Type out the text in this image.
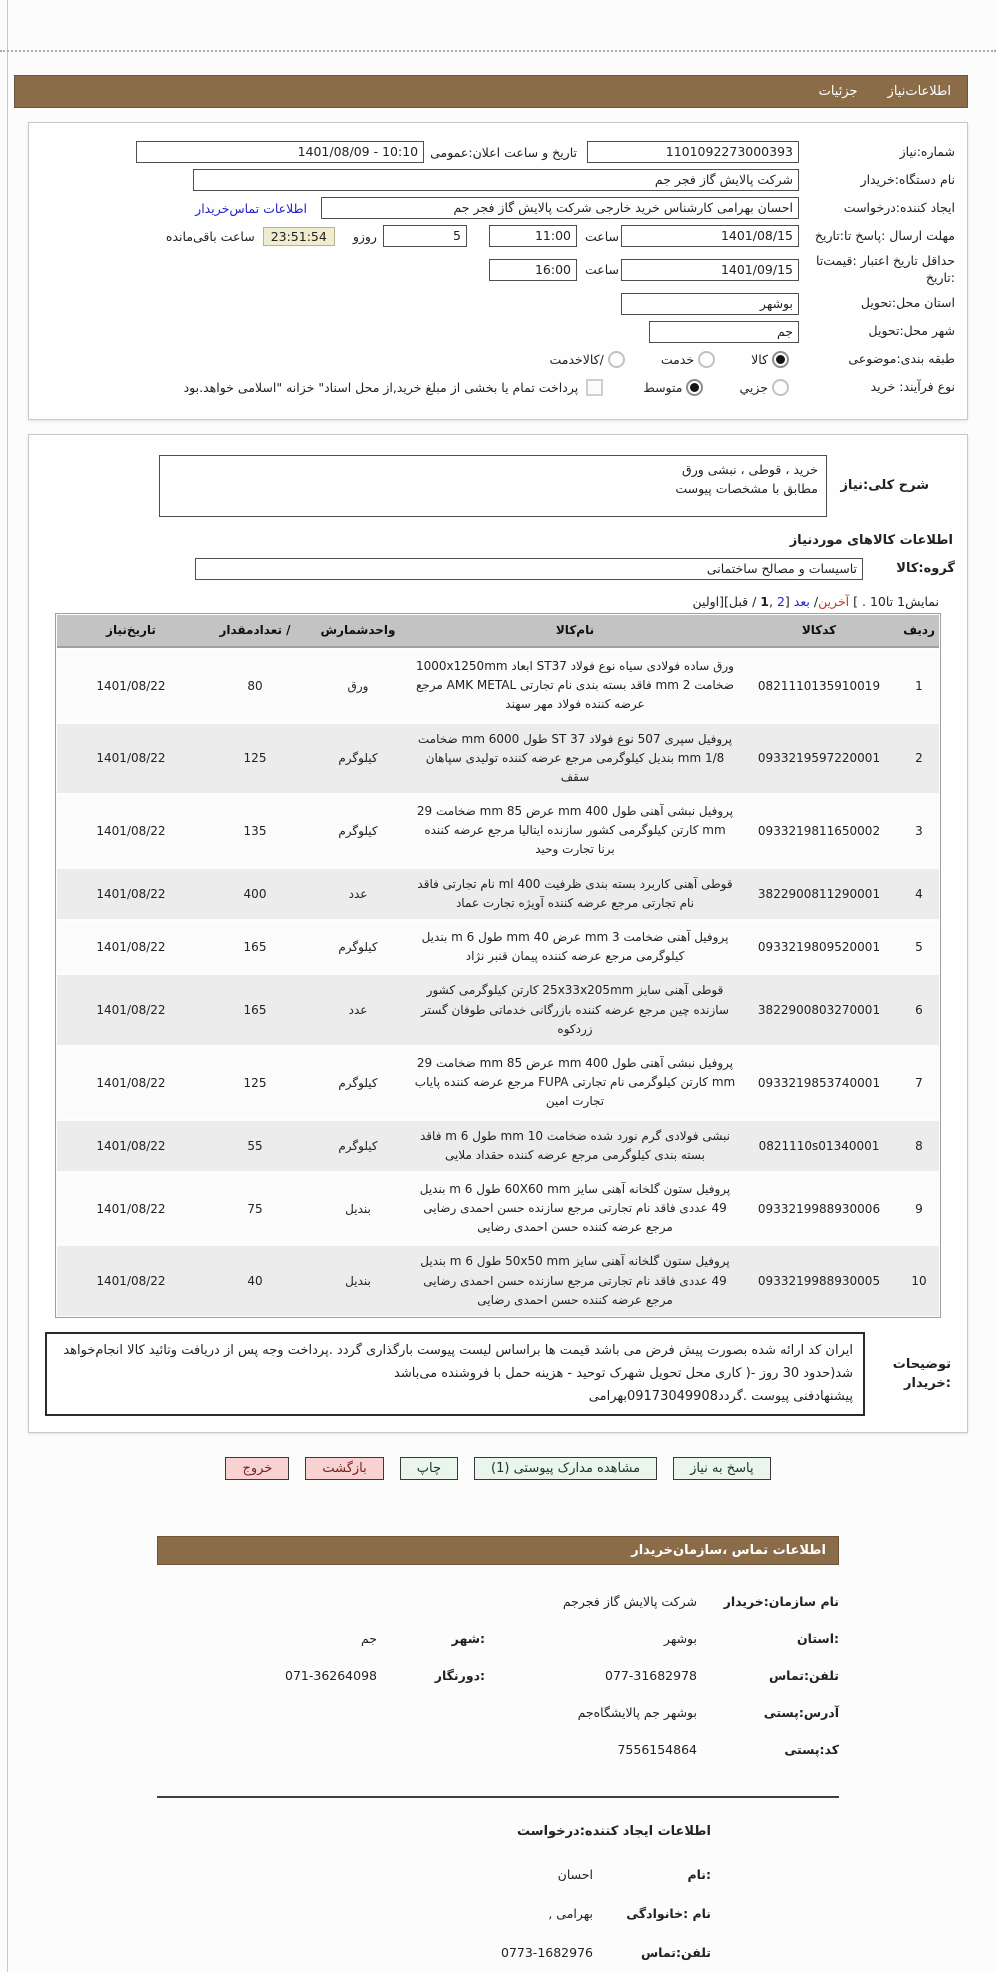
اطلاعات‌نیاز
جزئیات
شماره:نیاز
1101092273000393
تاریخ و ساعت اعلان:عمومی
10:10 - 1401/08/09
نام دستگاه:خریدار
شرکت پالایش گاز فجر جم
ایجاد کننده:درخواست
احسان بهرامی کارشناس خرید خارجی شرکت پالایش گاز فجر جم
اطلاعات تماس‌خریدار
مهلت ارسال :پاسخ تا:تاریخ
1401/08/15
ساعت
11:00
5
روزو
23:51:54
ساعت باقی‌مانده
حداقل تاریخ اعتبار :قیمت‌تا :تاریخ
1401/09/15
ساعت
16:00
استان محل:تحویل
بوشهر
شهر محل:تحویل
جم
طبقه بندی:موضوعی
کالا
خدمت
/کالاخدمت
نوع فرآیند: خرید
جزیي
متوسط
پرداخت تمام یا بخشی از مبلغ خرید,از محل اسناد" خزانه "اسلامی خواهد.بود
شرح کلی:نیاز
خرید ، قوطی ، نبشی ورق
مطابق با مشخصات پیوست
اطلاعات کالاهای موردنیاز
گروه:کالا
تاسیسات و مصالح ساختمانی
نمایش1 تا10 . ] آخرین/ بعد [2 ,1 / قبل][اولین
ردیف
کدکالا
نام‌کالا
واحدشمارش
/ تعدادمقدار
تاریخ‌نیاز
1
0821110135910019
ورق ساده فولادی سیاه نوع فولاد ST37 ابعاد 1000x1250mm ضخامت 2 mm فاقد بسته بندی نام تجارتی AMK METAL مرجع عرضه کننده فولاد مهر سهند
ورق
80
1401/08/22
2
0933219597220001
پروفیل سپری 507 نوع فولاد ST 37 طول 6000 mm ضخامت 1/8 mm بندیل کیلوگرمی مرجع عرضه کننده تولیدی سپاهان سقف
کیلوگرم
125
1401/08/22
3
0933219811650002
پروفیل نبشی آهنی طول 400 mm عرض 85 mm ضخامت 29 mm کارتن کیلوگرمی کشور سازنده ایتالیا مرجع عرضه کننده برنا تجارت وحید
کیلوگرم
135
1401/08/22
4
3822900811290001
قوطی آهنی کاربرد بسته بندی ظرفیت 400 ml نام تجارتی فاقد نام تجارتی مرجع عرضه کننده آویژه تجارت عماد
عدد
400
1401/08/22
5
0933219809520001
پروفیل آهنی ضخامت 3 mm عرض 40 mm طول 6 m بندیل کیلوگرمی مرجع عرضه کننده پیمان قنبر نژاد
کیلوگرم
165
1401/08/22
6
3822900803270001
قوطی آهنی سایز 25x33x205mm کارتن کیلوگرمی کشور سازنده چین مرجع عرضه کننده بازرگانی خدماتی طوفان گستر زردکوه
عدد
165
1401/08/22
7
0933219853740001
پروفیل نبشی آهنی طول 400 mm عرض 85 mm ضخامت 29 mm کارتن کیلوگرمی نام تجارتی FUPA مرجع عرضه کننده پایاب تجارت امین
کیلوگرم
125
1401/08/22
8
0821110s01340001
نبشی فولادی گرم نورد شده ضخامت 10 mm طول 6 m فاقد بسته بندی کیلوگرمی مرجع عرضه کننده حقداد ملایی
کیلوگرم
55
1401/08/22
9
0933219988930006
پروفیل ستون گلخانه آهنی سایز 60X60 mm طول 6 m بندیل 49 عددی فاقد نام تجارتی مرجع سازنده حسن احمدی رضایی مرجع عرضه کننده حسن احمدی رضایی
بندیل
75
1401/08/22
10
0933219988930005
پروفیل ستون گلخانه آهنی سایز 50x50 mm طول 6 m بندیل 49 عددی فاقد نام تجارتی مرجع سازنده حسن احمدی رضایی مرجع عرضه کننده حسن احمدی رضایی
بندیل
40
1401/08/22
توضیحات :خریدار
ایران کد ارائه شده بصورت پیش فرض می باشد قیمت ها براساس لیست پیوست بارگذاری گردد .پرداخت وجه پس از دریافت وتائید کالا انجام‌خواهد
شد(حدود 30 روز -( کاری محل تحویل شهرک توحید - هزینه حمل با فروشنده می‌باشد
پیشنهادفنی پیوست .گردد09173049908بهرامی
پاسخ به نیاز
مشاهده مدارک پیوستی (1)
چاپ
بازگشت
خروج
اطلاعات تماس ،سازمان‌خریدار
نام سازمان:خریدار
شرکت پالایش گاز فجرجم
:استان
بوشهر
:شهر
جم
تلفن:تماس
077-31682978
:دورنگار
071-36264098
آدرس:پستی
بوشهر جم پالایشگاه‌جم
کد:پستی
7556154864
اطلاعات ایجاد کننده:درخواست
:نام
احسان
نام :خانوادگی
بهرامی ,
تلفن:تماس
0773-1682976
